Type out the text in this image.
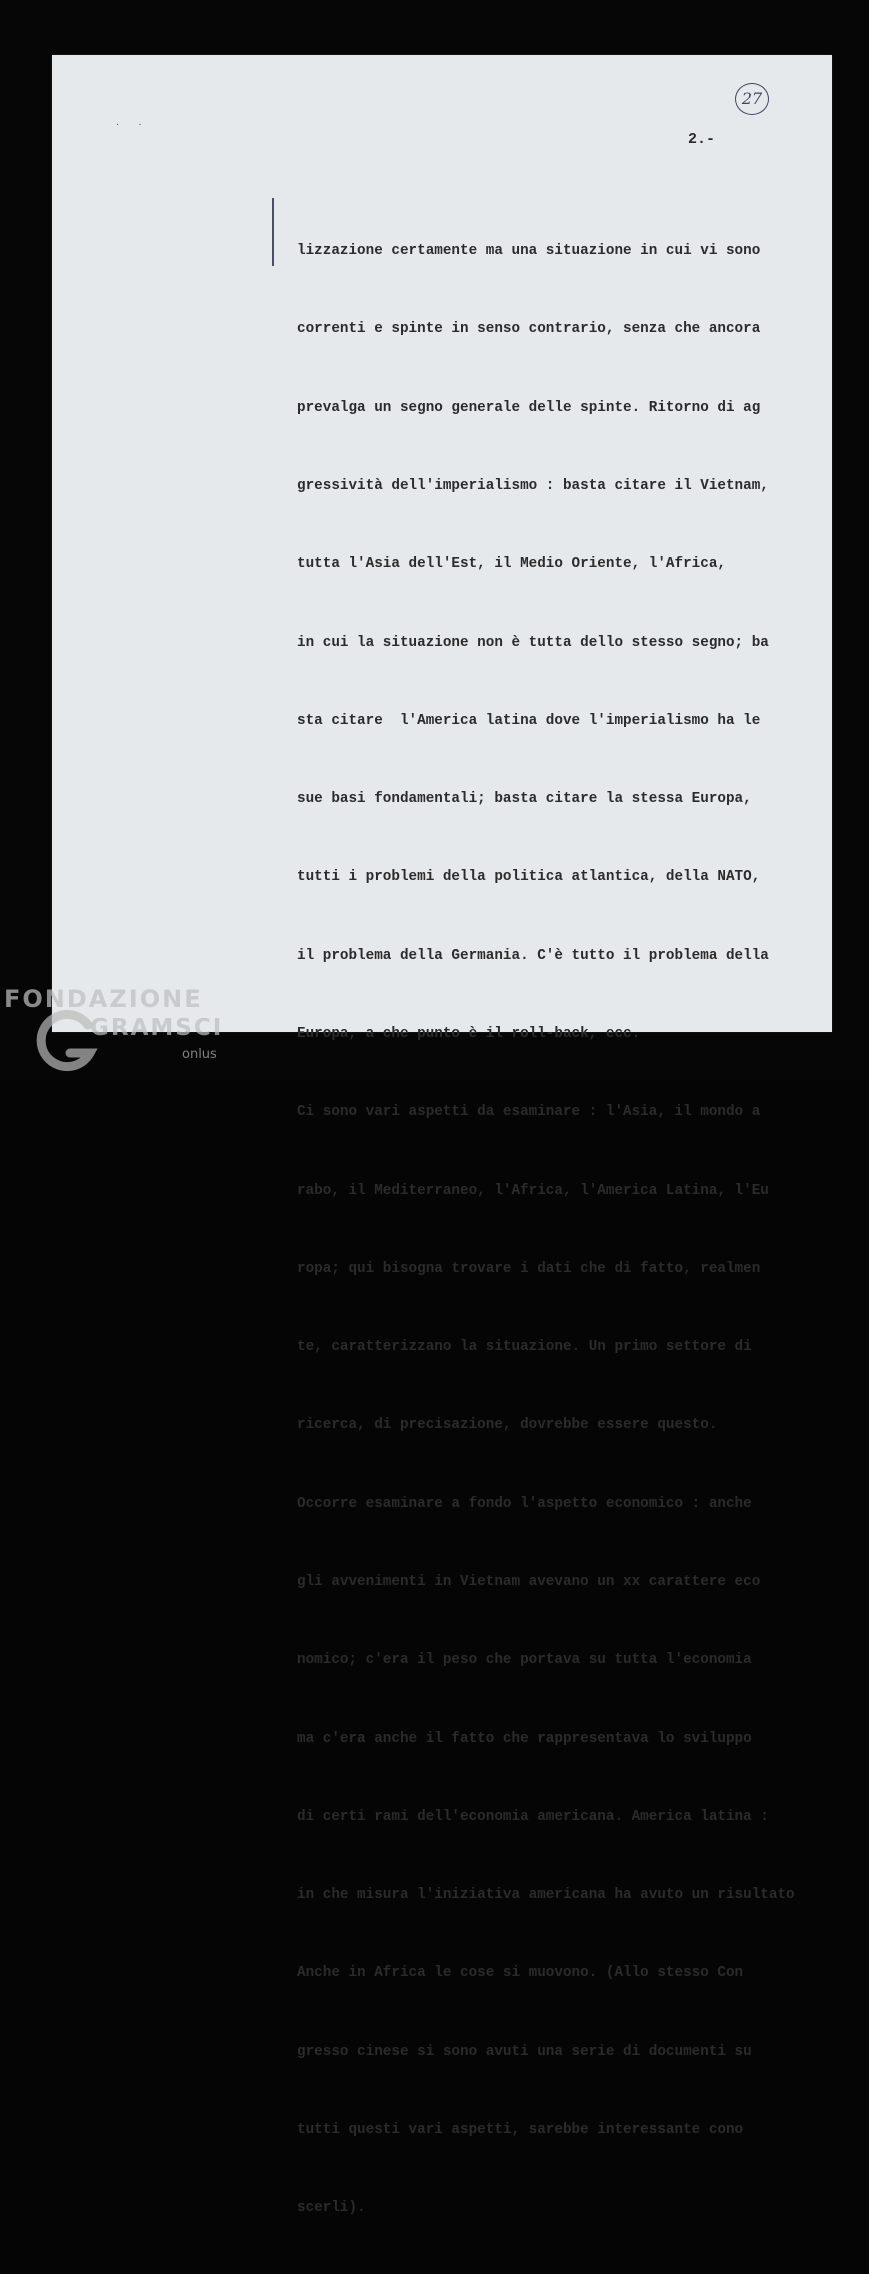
· ·
27
2.-

lizzazione certamente ma una situazione in cui vi sono

correnti e spinte in senso contrario, senza che ancora

prevalga un segno generale delle spinte. Ritorno di ag

gressività dell'imperialismo : basta citare il Vietnam,

tutta l'Asia dell'Est, il Medio Oriente, l'Africa,

in cui la situazione non è tutta dello stesso segno; ba

sta citare  l'America latina dove l'imperialismo ha le

sue basi fondamentali; basta citare la stessa Europa,

tutti i problemi della politica atlantica, della NATO,

il problema della Germania. C'è tutto il problema della

Europa, a che punto è il roll-back, ecc.

Ci sono vari aspetti da esaminare : l'Asia, il mondo a

rabo, il Mediterraneo, l'Africa, l'America Latina, l'Eu

ropa; qui bisogna trovare i dati che di fatto, realmen

te, caratterizzano la situazione. Un primo settore di

ricerca, di precisazione, dovrebbe essere questo.

Occorre esaminare a fondo l'aspetto economico : anche

gli avvenimenti in Vietnam avevano un xx carattere eco

nomico; c'era il peso che portava su tutta l'economia

ma c'era anche il fatto che rappresentava lo sviluppo

di certi rami dell'economia americana. America latina :

in che misura l'iniziativa americana ha avuto un risultato

Anche in Africa le cose si muovono. (Allo stesso Con

gresso cinese si sono avuti una serie di documenti su

tutti questi vari aspetti, sarebbe interessante cono

scerli).

FONDAZIONE
GRAMSCI
onlus
